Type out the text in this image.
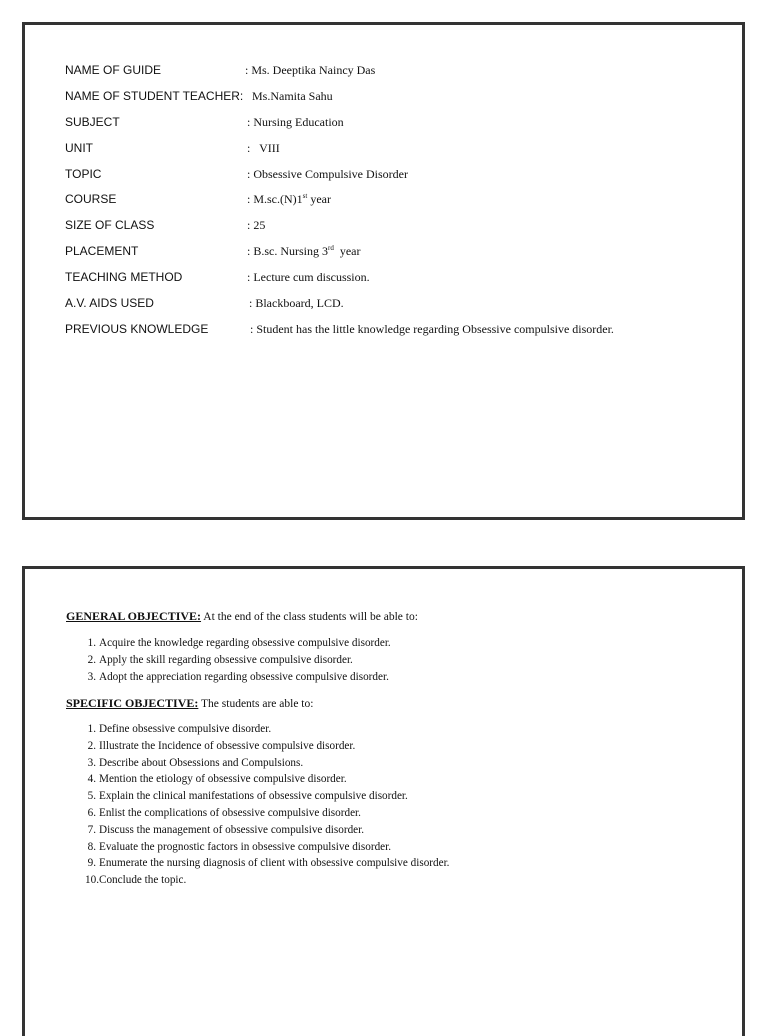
NAME OF GUIDE	: Ms. Deeptika Naincy Das
NAME OF STUDENT TEACHER: Ms.Namita Sahu
SUBJECT	: Nursing Education
UNIT	:   VIII
TOPIC	: Obsessive Compulsive Disorder
COURSE	: M.sc.(N)1st year
SIZE OF CLASS	: 25
PLACEMENT	: B.sc. Nursing 3rd  year
TEACHING METHOD	: Lecture cum discussion.
A.V. AIDS USED	: Blackboard, LCD.
PREVIOUS KNOWLEDGE	: Student has the little knowledge regarding Obsessive compulsive disorder.
GENERAL OBJECTIVE: At the end of the class students will be able to:
1. Acquire the knowledge regarding obsessive compulsive disorder.
2. Apply the skill regarding obsessive compulsive disorder.
3. Adopt the appreciation regarding obsessive compulsive disorder.
SPECIFIC OBJECTIVE: The students are able to:
1. Define obsessive compulsive disorder.
2. Illustrate the Incidence of obsessive compulsive disorder.
3. Describe about Obsessions and Compulsions.
4. Mention the etiology of obsessive compulsive disorder.
5. Explain the clinical manifestations of obsessive compulsive disorder.
6. Enlist the complications of obsessive compulsive disorder.
7. Discuss the management of obsessive compulsive disorder.
8. Evaluate the prognostic factors in obsessive compulsive disorder.
9. Enumerate the nursing diagnosis of client with obsessive compulsive disorder.
10.Conclude the topic.
